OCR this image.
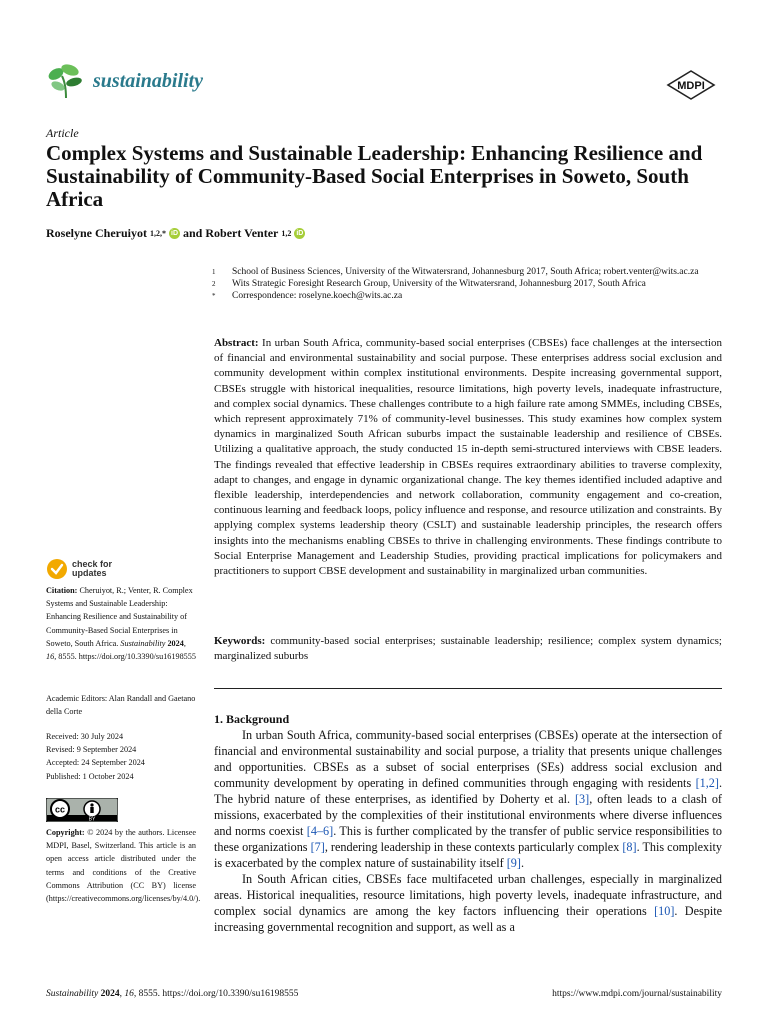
sustainability	MDPI
Article
Complex Systems and Sustainable Leadership: Enhancing Resilience and Sustainability of Community-Based Social Enterprises in Soweto, South Africa
Roselyne Cheruiyot 1,2,* iD and Robert Venter 1,2 iD
1	School of Business Sciences, University of the Witwatersrand, Johannesburg 2017, South Africa; robert.venter@wits.ac.za
2	Wits Strategic Foresight Research Group, University of the Witwatersrand, Johannesburg 2017, South Africa
*	Correspondence: roselyne.koech@wits.ac.za
Abstract: In urban South Africa, community-based social enterprises (CBSEs) face challenges at the intersection of financial and environmental sustainability and social purpose. These enterprises address social exclusion and community development within complex institutional environments. Despite increasing governmental support, CBSEs struggle with historical inequalities, resource limitations, high poverty levels, inadequate infrastructure, and complex social dynamics. These challenges contribute to a high failure rate among SMMEs, including CBSEs, which represent approximately 71% of community-level businesses. This study examines how complex system dynamics in marginalized South African suburbs impact the sustainable leadership and resilience of CBSEs. Utilizing a qualitative approach, the study conducted 15 in-depth semi-structured interviews with CBSE leaders. The findings revealed that effective leadership in CBSEs requires extraordinary abilities to traverse complexity, adapt to changes, and engage in dynamic organizational change. The key themes identified included adaptive and flexible leadership, interdependencies and network collaboration, community engagement and co-creation, continuous learning and feedback loops, policy influence and response, and resource utilization and constraints. By applying complex systems leadership theory (CSLT) and sustainable leadership principles, the research offers insights into the mechanisms enabling CBSEs to thrive in challenging environments. These findings contribute to Social Enterprise Management and Leadership Studies, providing practical implications for policymakers and practitioners to support CBSE development and sustainability in marginalized urban communities.
Keywords: community-based social enterprises; sustainable leadership; resilience; complex system dynamics; marginalized suburbs
1. Background

In urban South Africa, community-based social enterprises (CBSEs) operate at the intersection of financial and environmental sustainability and social purpose, a triality that presents unique challenges and opportunities. CBSEs as a subset of social enterprises (SEs) address social exclusion and community development by operating in defined communities through engaging with residents [1,2]. The hybrid nature of these enterprises, as identified by Doherty et al. [3], often leads to a clash of missions, exacerbated by the complexities of their institutional environments where diverse influences and norms coexist [4–6]. This is further complicated by the transfer of public service responsibilities to these organizations [7], rendering leadership in these contexts particularly complex [8]. This complexity is exacerbated by the complex nature of sustainability itself [9].

In South African cities, CBSEs face multifaceted urban challenges, especially in marginalized areas. Historical inequalities, resource limitations, high poverty levels, inadequate infrastructure, and complex social dynamics are among the key factors influencing their operations [10]. Despite increasing governmental recognition and support, as well as a

check for
updates
Citation: Cheruiyot, R.; Venter, R. Complex Systems and Sustainable Leadership: Enhancing Resilience and Sustainability of Community-Based Social Enterprises in Soweto, South Africa. Sustainability 2024, 16, 8555. https://doi.org/10.3390/su16198555
Academic Editors: Alan Randall and Gaetano della Corte
Received: 30 July 2024
Revised: 9 September 2024
Accepted: 24 September 2024
Published: 1 October 2024
cc
BY
Copyright: © 2024 by the authors. Licensee MDPI, Basel, Switzerland. This article is an open access article distributed under the terms and conditions of the Creative Commons Attribution (CC BY) license (https://creativecommons.org/licenses/by/4.0/).
Sustainability 2024, 16, 8555. https://doi.org/10.3390/su16198555	https://www.mdpi.com/journal/sustainability
